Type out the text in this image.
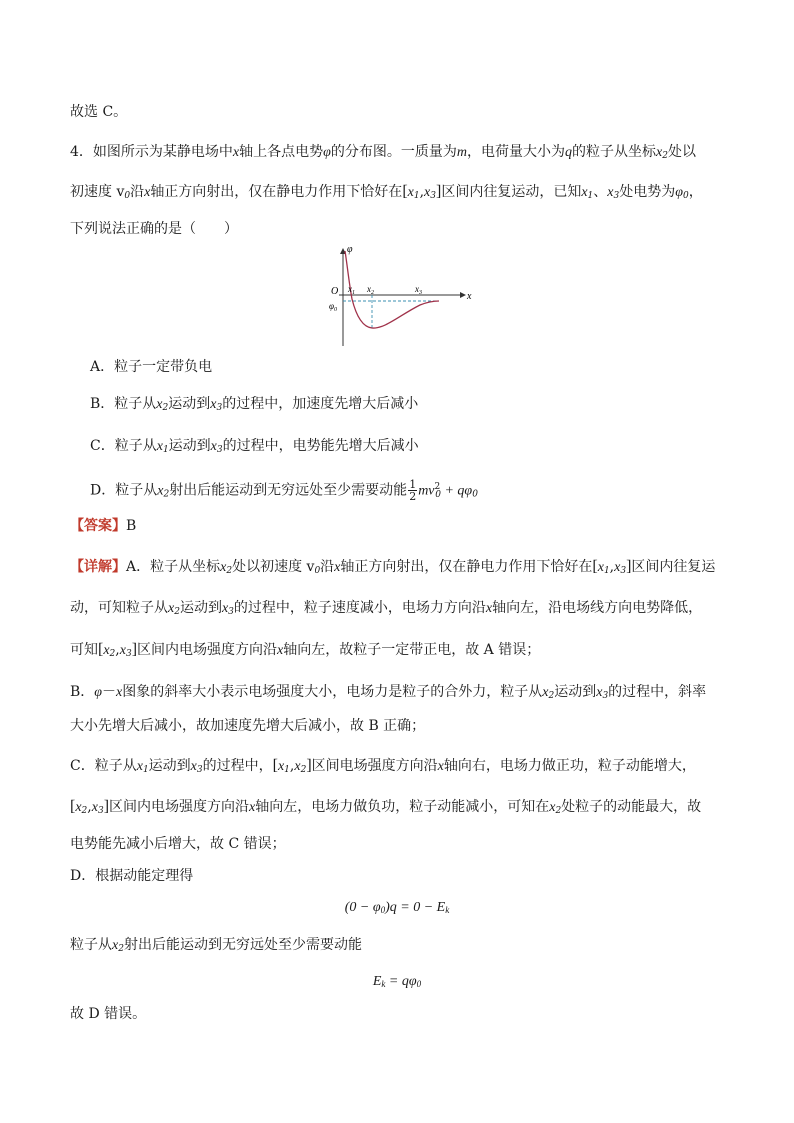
故选 C。
4．如图所示为某静电场中x轴上各点电势φ的分布图。一质量为m，电荷量大小为q的粒子从坐标$x_2$处以
初速度 $v_0$沿x轴正方向射出，仅在静电力作用下恰好在$[x_1,x_3]$区间内往复运动，已知$x_1$、$x_3$处电势为$\varphi_0$，
下列说法正确的是（　　）
φ
x
O $x_1$ $x_2$	$x_3$
$\varphi_0$
A．粒子一定带负电
B．粒子从$x_2$运动到$x_3$的过程中，加速度先增大后减小
C．粒子从$x_1$运动到$x_3$的过程中，电势能先增大后减小
D．粒子从$x_2$射出后能运动到无穷远处至少需要动能 $\frac{1}{2} mv^2_0 + q\varphi_0$
【答案】B
【详解】A．粒子从坐标$x_2$处以初速度 $v_0$沿x轴正方向射出，仅在静电力作用下恰好在$[x_1,x_3]$区间内往复运
动，可知粒子从$x_2$运动到$x_3$的过程中，粒子速度减小，电场力方向沿x轴向左，沿电场线方向电势降低，
可知$[x_2,x_3]$区间内电场强度方向沿x轴向左，故粒子一定带正电，故 A 错误；
B．φ－x图象的斜率大小表示电场强度大小，电场力是粒子的合外力，粒子从$x_2$运动到$x_3$的过程中，斜率
大小先增大后减小，故加速度先增大后减小，故 B 正确；
C．粒子从$x_1$运动到$x_3$的过程中，$[x_1,x_2]$区间电场强度方向沿x轴向右，电场力做正功，粒子动能增大，
$[x_2,x_3]$区间内电场强度方向沿x轴向左，电场力做负功，粒子动能减小，可知在$x_2$处粒子的动能最大，故
电势能先减小后增大，故 C 错误；
D．根据动能定理得
$(0 - \varphi_0)q = 0 - E_k$
粒子从$x_2$射出后能运动到无穷远处至少需要动能
$E_k = q\varphi_0$
故 D 错误。
